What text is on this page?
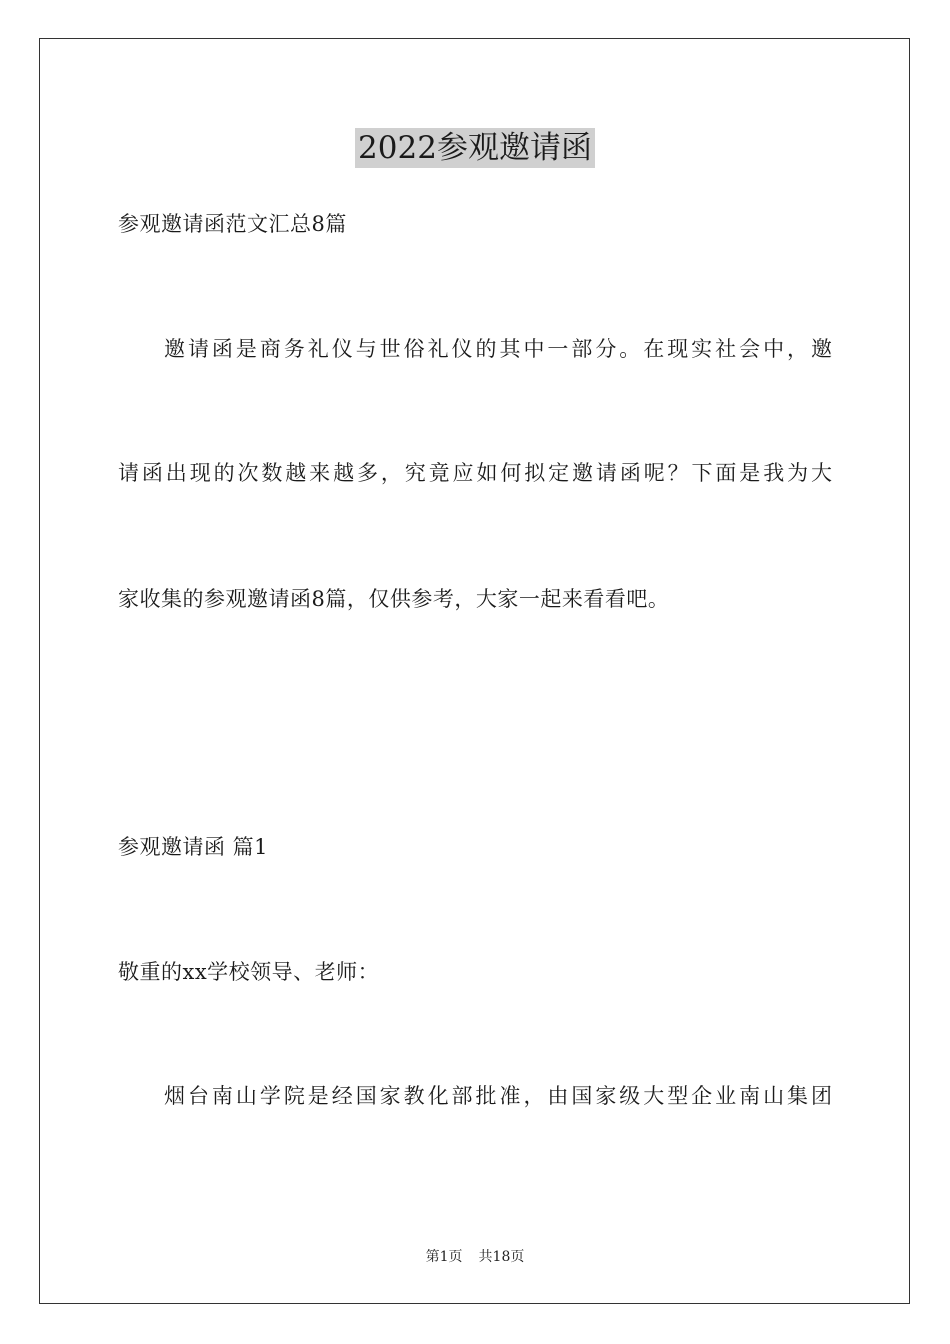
2022参观邀请函
参观邀请函范文汇总8篇
邀请函是商务礼仪与世俗礼仪的其中一部分。在现实社会中，邀
请函出现的次数越来越多，究竟应如何拟定邀请函呢？下面是我为大
家收集的参观邀请函8篇，仅供参考，大家一起来看看吧。
参观邀请函 篇1
敬重的xx学校领导、老师：
烟台南山学院是经国家教化部批准，由国家级大型企业南山集团
第1页 共18页
